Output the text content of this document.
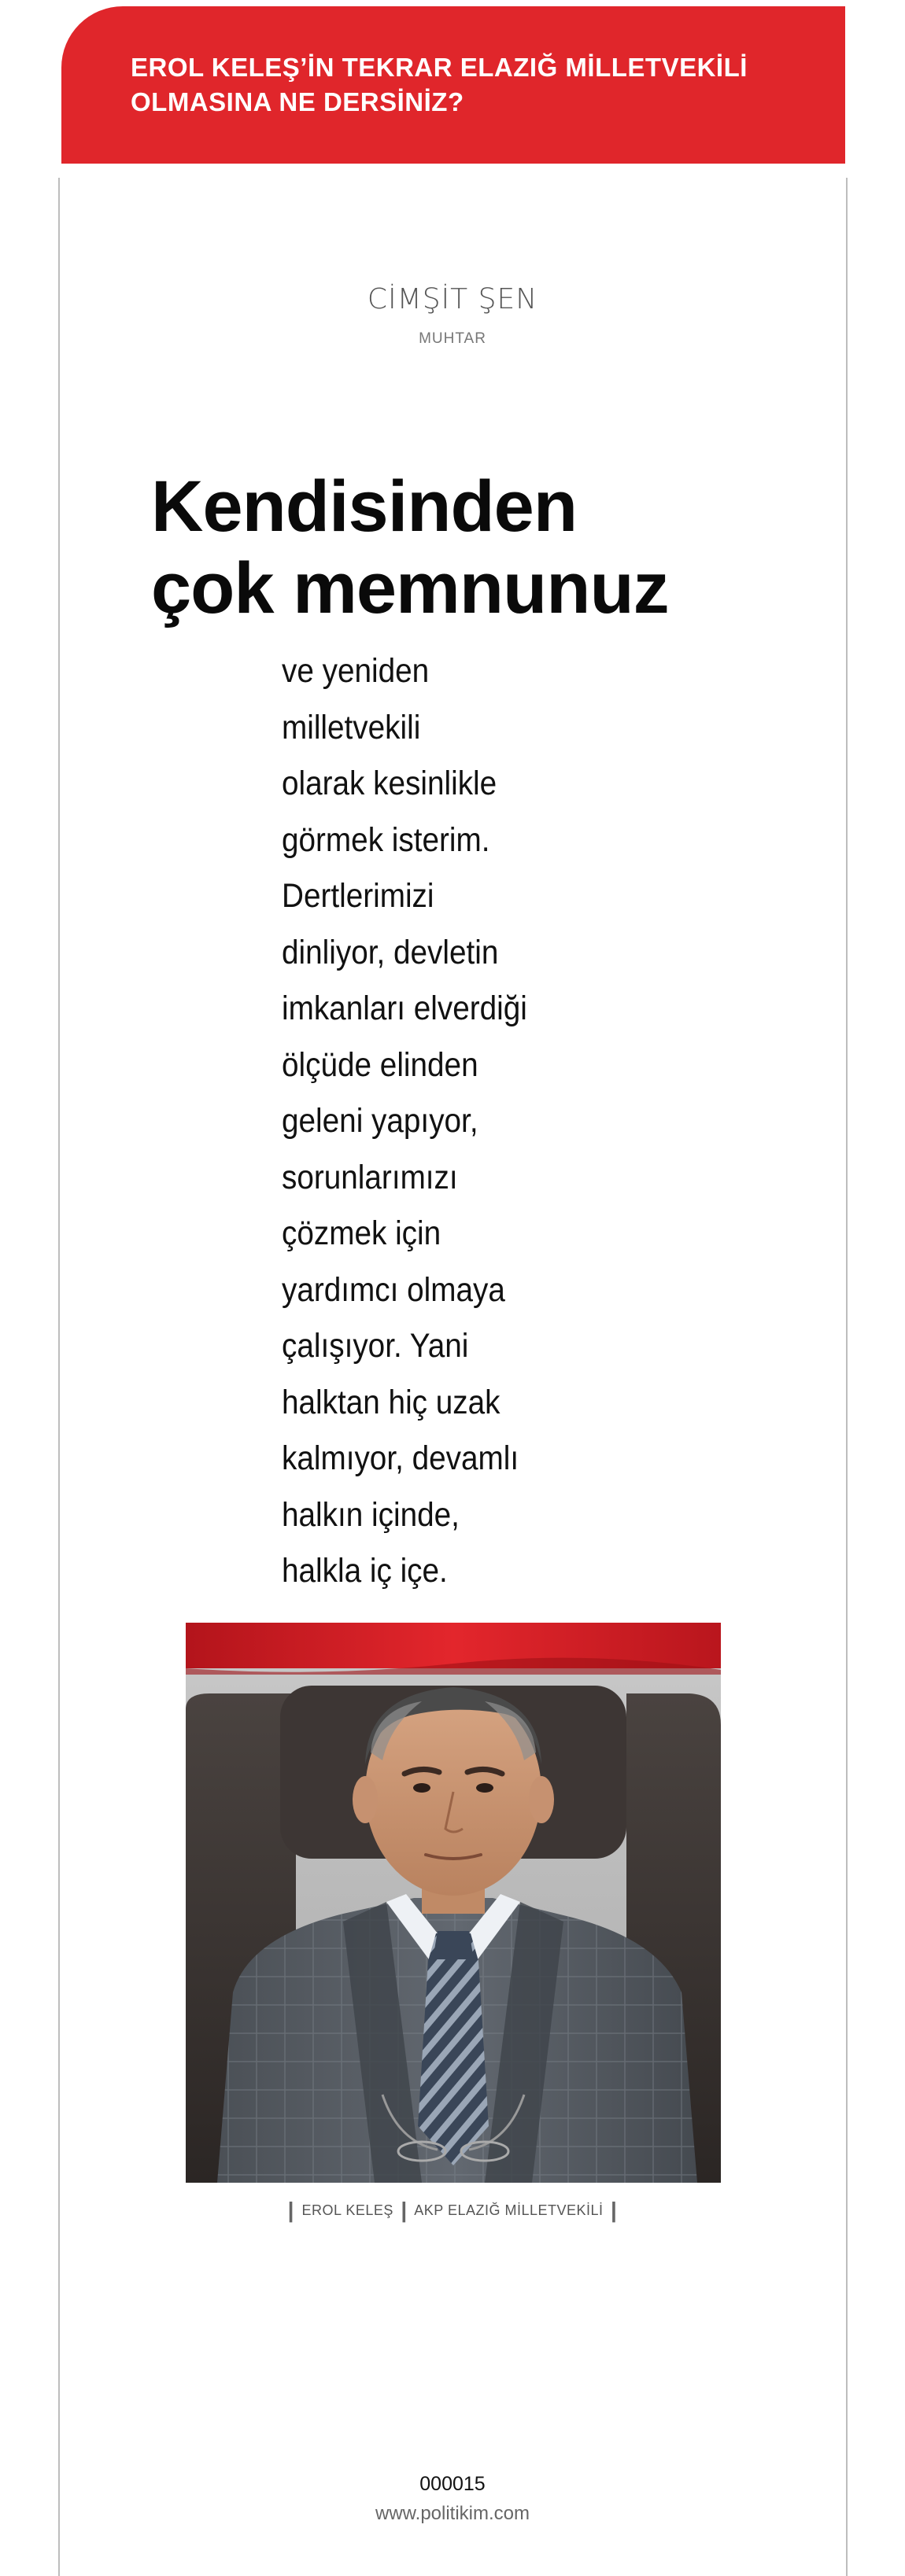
EROL KELEŞ’İN TEKRAR ELAZIĞ MİLLETVEKİLİ OLMASINA NE DERSİNİZ?
CİMŞİT ŞEN
MUHTAR
Kendisinden
çok memnunuz
ve yeniden
milletvekili
olarak kesinlikle
görmek isterim.
Dertlerimizi
dinliyor, devletin
imkanları elverdiği
ölçüde elinden
geleni yapıyor,
sorunlarımızı
çözmek için
yardımcı olmaya
çalışıyor. Yani
halktan hiç uzak
kalmıyor, devamlı
halkın içinde,
halkla iç içe.
| EROL KELEŞ | AKP ELAZIĞ MİLLETVEKİLİ |
000015
www.politikim.com
